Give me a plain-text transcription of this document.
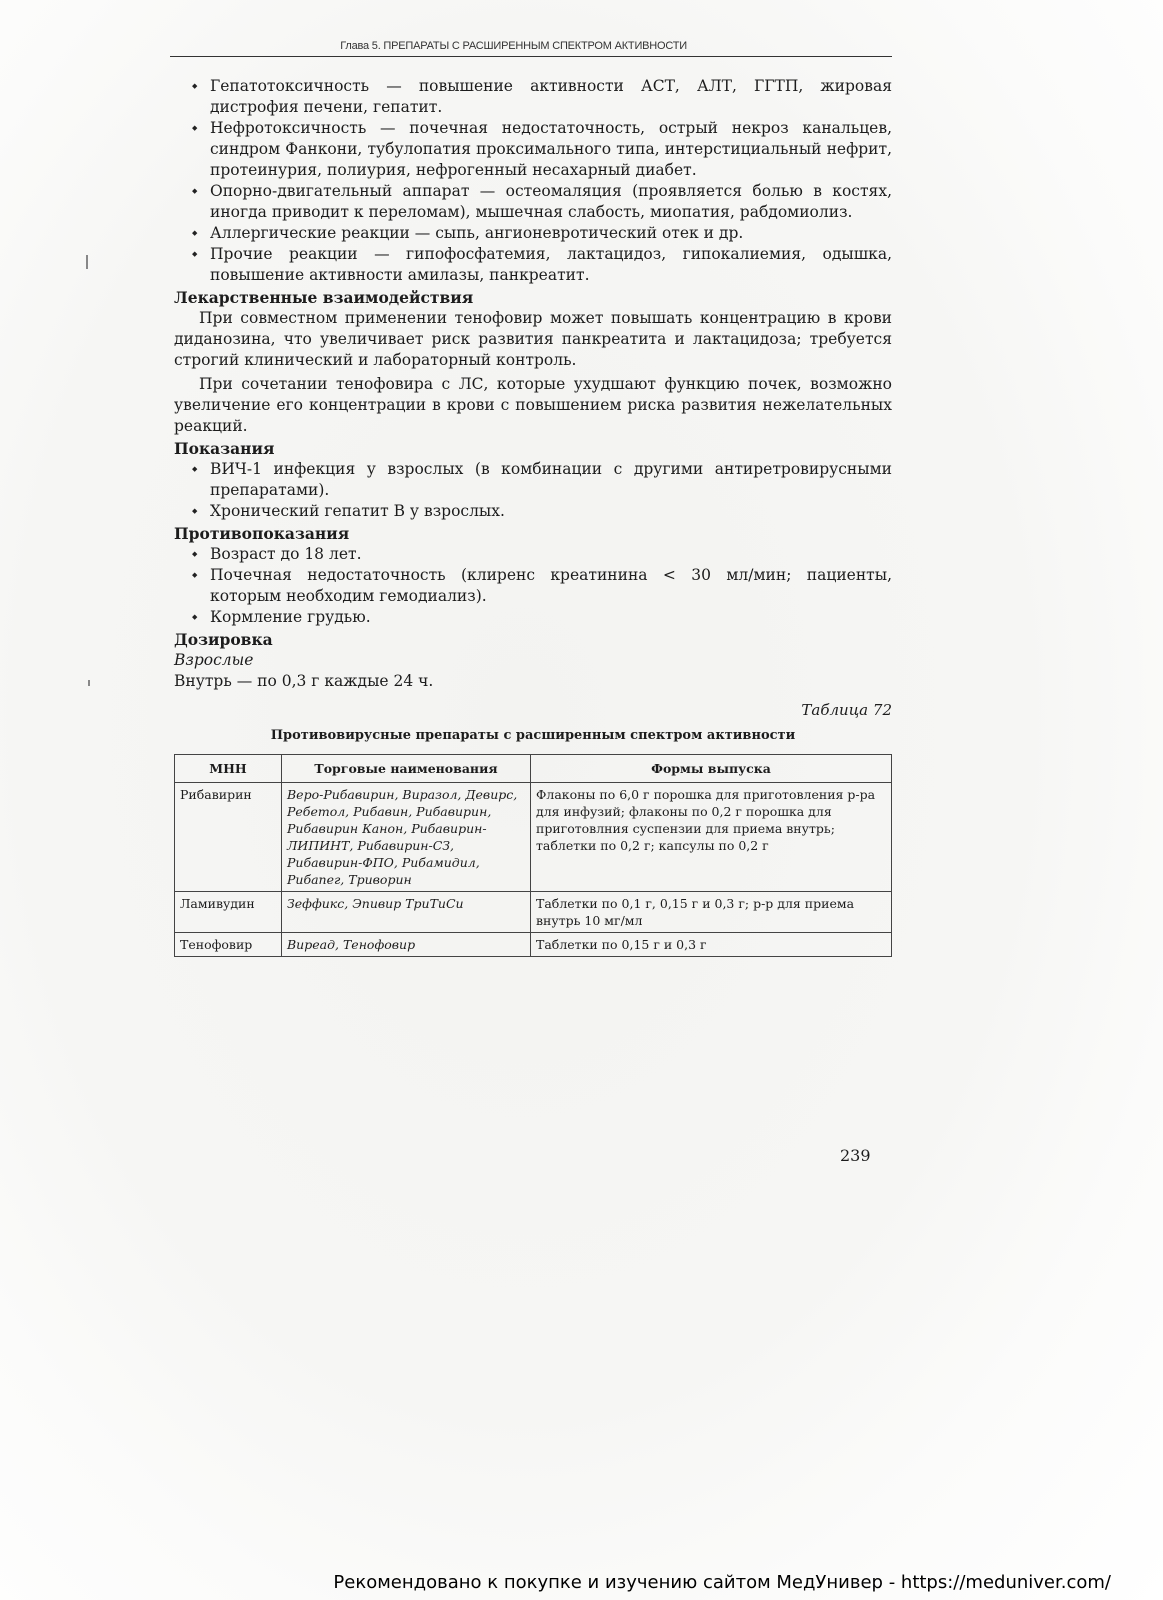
Глава 5. ПРЕПАРАТЫ С РАСШИРЕННЫМ СПЕКТРОМ АКТИВНОСТИ
◆ Гепатотоксичность — повышение активности АСТ, АЛТ, ГГТП, жировая дистрофия печени, гепатит.
◆ Нефротоксичность — почечная недостаточность, острый некроз канальцев, синдром Фанкони, тубулопатия проксимального типа, интерстициальный нефрит, протеинурия, полиурия, нефрогенный несахарный диабет.
◆ Опорно-двигательный аппарат — остеомаляция (проявляется болью в костях, иногда приводит к переломам), мышечная слабость, миопатия, рабдомиолиз.
◆ Аллергические реакции — сыпь, ангионевротический отек и др.
◆ Прочие реакции — гипофосфатемия, лактацидоз, гипокалиемия, одышка, повышение активности амилазы, панкреатит.
Лекарственные взаимодействия

При совместном применении тенофовир может повышать концентрацию в крови диданозина, что увеличивает риск развития панкреатита и лактацидоза; требуется строгий клинический и лабораторный контроль.

При сочетании тенофовира с ЛС, которые ухудшают функцию почек, возможно увеличение его концентрации в крови с повышением риска развития нежелательных реакций.

Показания
◆ ВИЧ-1 инфекция у взрослых (в комбинации с другими антиретровирусными препаратами).
◆ Хронический гепатит В у взрослых.
Противопоказания
◆ Возраст до 18 лет.
◆ Почечная недостаточность (клиренс креатинина < 30 мл/мин; пациенты, которым необходим гемодиализ).
◆ Кормление грудью.
Дозировка
Взрослые
Внутрь — по 0,3 г каждые 24 ч.
Таблица 72
Противовирусные препараты с расширенным спектром активности
МНН	Торговые наименования	Формы выпуска
Рибавирин	Веро-Рибавирин, Виразол, Девирс, Ребетол, Рибавин, Рибавирин, Рибавирин Канон, Рибавирин-ЛИПИНТ, Рибавирин-СЗ, Рибавирин-ФПО, Рибамидил, Рибапег, Триворин	Флаконы по 6,0 г порошка для приготовления р-ра для инфузий; флаконы по 0,2 г порошка для приготовлния суспензии для приема внутрь; таблетки по 0,2 г; капсулы по 0,2 г
Ламивудин	Зеффикс, Эпивир ТриТиСи	Таблетки по 0,1 г, 0,15 г и 0,3 г; р-р для приема внутрь 10 мг/мл
Тенофовир	Виреад, Тенофовир	Таблетки по 0,15 г и 0,3 г
239
Рекомендовано к покупке и изучению сайтом МедУнивер - https://meduniver.com/
